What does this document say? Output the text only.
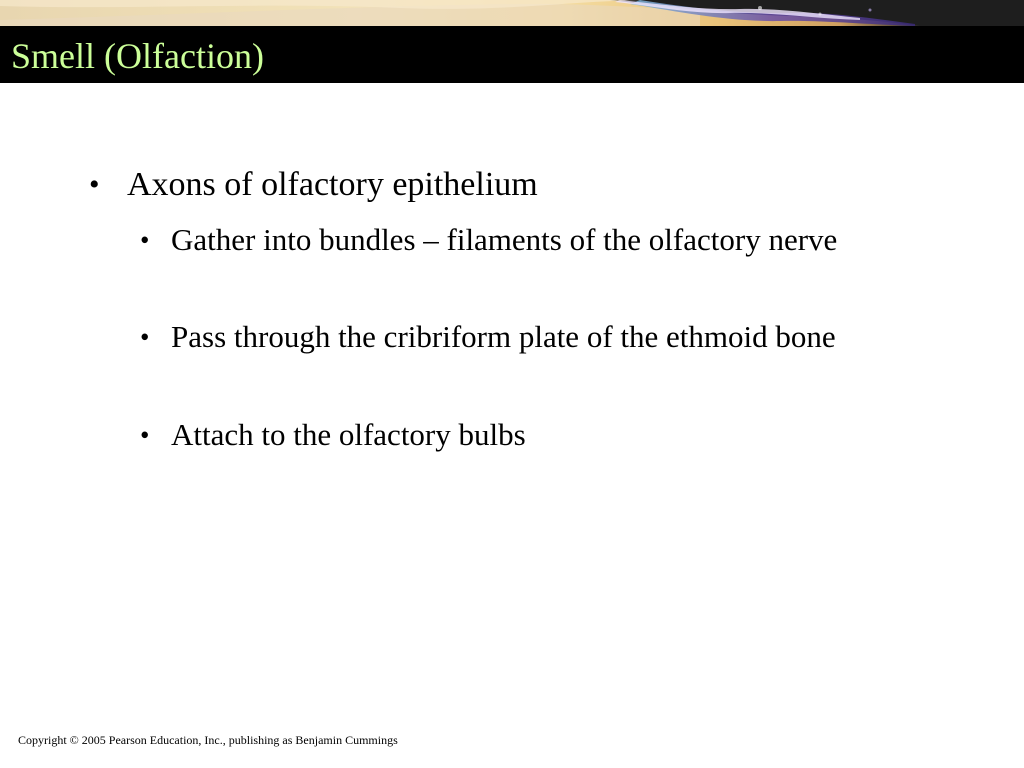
Smell (Olfaction)
• Axons of olfactory epithelium
• Gather into bundles – filaments of the olfactory nerve
• Pass through the cribriform plate of the ethmoid bone
• Attach to the olfactory bulbs
Copyright © 2005 Pearson Education, Inc., publishing as Benjamin Cummings
